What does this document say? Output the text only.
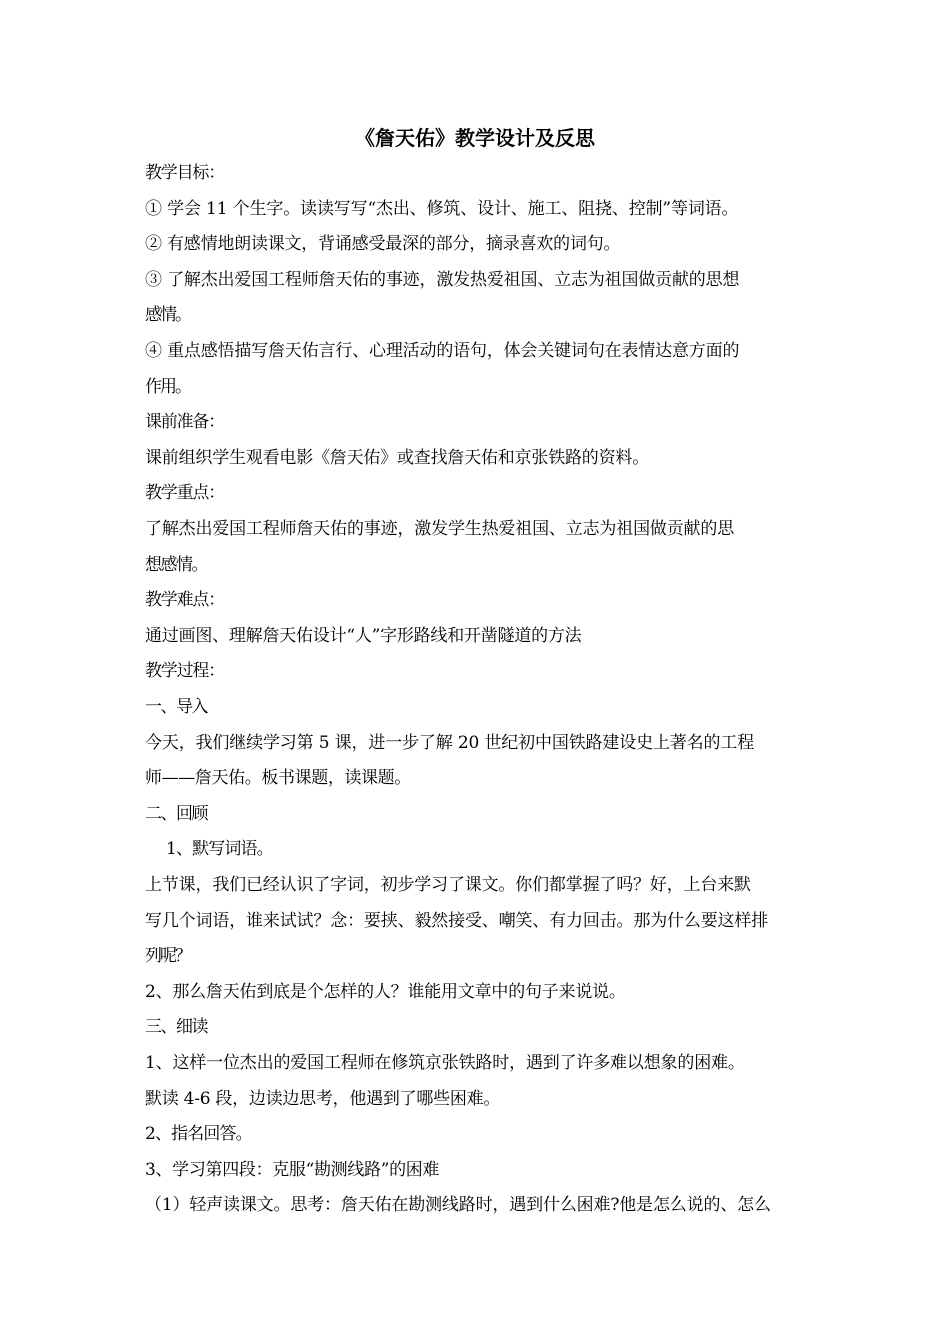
《詹天佑》教学设计及反思
教学目标：
① 学会 11 个生字。读读写写“杰出、修筑、设计、施工、阻挠、控制”等词语。
② 有感情地朗读课文，背诵感受最深的部分，摘录喜欢的词句。
③ 了解杰出爱国工程师詹天佑的事迹，激发热爱祖国、立志为祖国做贡献的思想
感情。
④ 重点感悟描写詹天佑言行、心理活动的语句，体会关键词句在表情达意方面的
作用。
课前准备：
课前组织学生观看电影《詹天佑》或查找詹天佑和京张铁路的资料。
教学重点：
了解杰出爱国工程师詹天佑的事迹，激发学生热爱祖国、立志为祖国做贡献的思
想感情。
教学难点：
通过画图、理解詹天佑设计“人”字形路线和开凿隧道的方法
教学过程：
一、导入
今天，我们继续学习第 5 课，进一步了解 20 世纪初中国铁路建设史上著名的工程
师——詹天佑。板书课题，读课题。
二、回顾
1、默写词语。
上节课，我们已经认识了字词，初步学习了课文。你们都掌握了吗？好，上台来默
写几个词语，谁来试试？念：要挟、毅然接受、嘲笑、有力回击。那为什么要这样排
列呢？
2、那么詹天佑到底是个怎样的人？谁能用文章中的句子来说说。
三、细读
1、这样一位杰出的爱国工程师在修筑京张铁路时，遇到了许多难以想象的困难。
默读 4-6 段，边读边思考，他遇到了哪些困难。
2、指名回答。
3、学习第四段：克服“勘测线路”的困难
（1）轻声读课文。思考：詹天佑在勘测线路时，遇到什么困难?他是怎么说的、怎么
